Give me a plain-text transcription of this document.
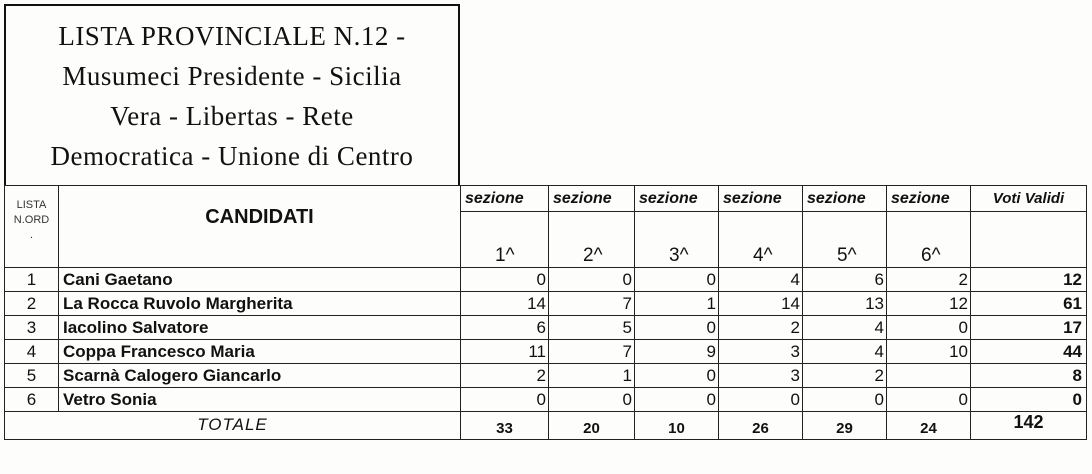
LISTA PROVINCIALE N.12 -
Musumeci Presidente - Sicilia
Vera - Libertas - Rete
Democratica - Unione di Centro
LISTA
N.ORD
.	CANDIDATI	sezione	sezione	sezione	sezione	sezione	sezione	Voti Validi
		1^	2^	3^	4^	5^	6^	
1	Cani Gaetano	0	0	0	4	6	2	12
2	La Rocca Ruvolo Margherita	14	7	1	14	13	12	61
3	Iacolino Salvatore	6	5	0	2	4	0	17
4	Coppa Francesco Maria	11	7	9	3	4	10	44
5	Scarnà Calogero Giancarlo	2	1	0	3	2		8
6	Vetro Sonia	0	0	0	0	0	0	0
TOTALE		33	20	10	26	29	24	142
